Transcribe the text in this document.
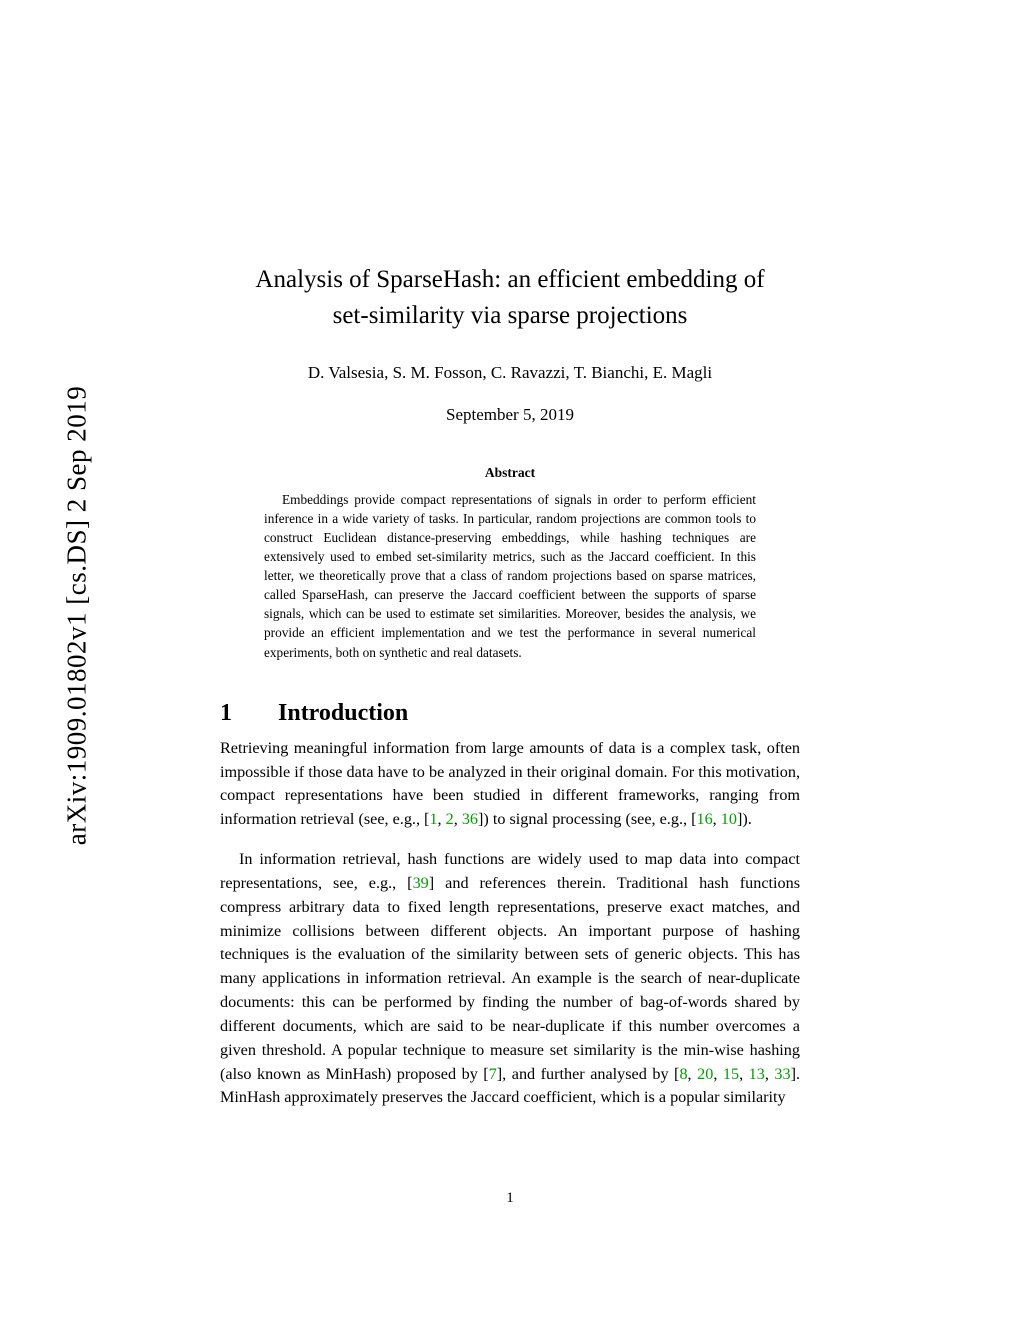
arXiv:1909.01802v1 [cs.DS] 2 Sep 2019
Analysis of SparseHash: an efficient embedding of
set-similarity via sparse projections
D. Valsesia, S. M. Fosson, C. Ravazzi, T. Bianchi, E. Magli
September 5, 2019
Abstract
Embeddings provide compact representations of signals in order to perform efficient inference in a wide variety of tasks. In particular, random projections are common tools to construct Euclidean distance-preserving embeddings, while hashing techniques are extensively used to embed set-similarity metrics, such as the Jaccard coefficient. In this letter, we theoretically prove that a class of random projections based on sparse matrices, called SparseHash, can preserve the Jaccard coefficient between the supports of sparse signals, which can be used to estimate set similarities. Moreover, besides the analysis, we provide an efficient implementation and we test the performance in several numerical experiments, both on synthetic and real datasets.
1	Introduction

Retrieving meaningful information from large amounts of data is a complex task, often impossible if those data have to be analyzed in their original domain. For this motivation, compact representations have been studied in different frameworks, ranging from information retrieval (see, e.g., [1, 2, 36]) to signal processing (see, e.g., [16, 10]).

In information retrieval, hash functions are widely used to map data into compact representations, see, e.g., [39] and references therein. Traditional hash functions compress arbitrary data to fixed length representations, preserve exact matches, and minimize collisions between different objects. An important purpose of hashing techniques is the evaluation of the similarity between sets of generic objects. This has many applications in information retrieval. An example is the search of near-duplicate documents: this can be performed by finding the number of bag-of-words shared by different documents, which are said to be near-duplicate if this number overcomes a given threshold. A popular technique to measure set similarity is the min-wise hashing (also known as MinHash) proposed by [7], and further analysed by [8, 20, 15, 13, 33]. MinHash approximately preserves the Jaccard coefficient, which is a popular similarity

1
